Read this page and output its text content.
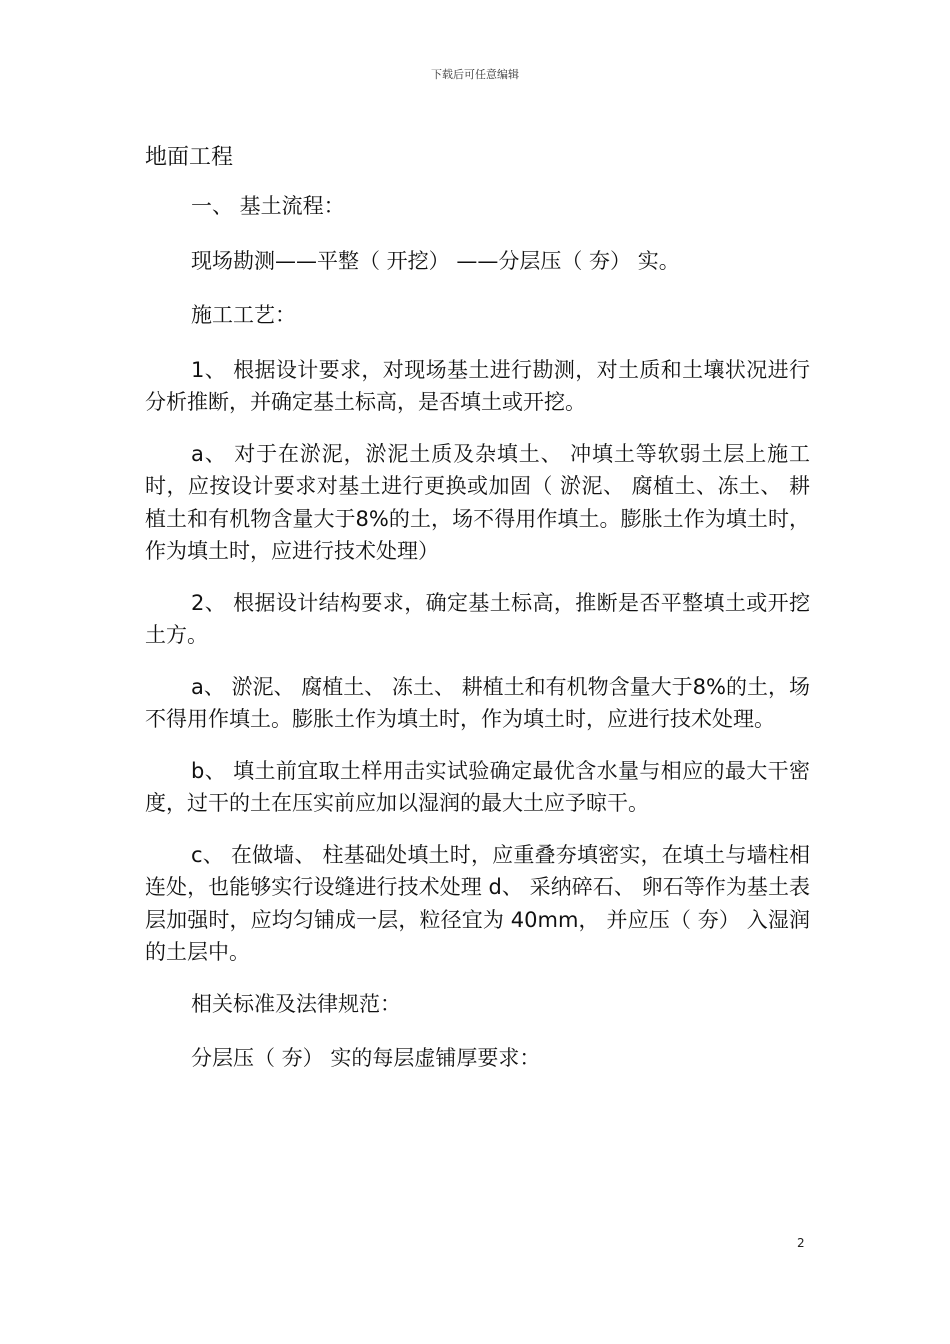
下载后可任意编辑
地面工程

一、 基土流程：

现场勘测——平整（ 开挖） ——分层压（ 夯） 实。

施工工艺：

1、 根据设计要求，对现场基土进行勘测，对土质和土壤状况进行分析推断，并确定基土标高，是否填土或开挖。

a、 对于在淤泥，淤泥土质及杂填土、 冲填土等软弱土层上施工时，应按设计要求对基土进行更换或加固（ 淤泥、 腐植土、冻土、 耕植土和有机物含量大于8%的土，场不得用作填土。膨胀土作为填土时，作为填土时，应进行技术处理）

2、 根据设计结构要求，确定基土标高，推断是否平整填土或开挖土方。

a、 淤泥、 腐植土、 冻土、 耕植土和有机物含量大于8%的土，场不得用作填土。膨胀土作为填土时，作为填土时，应进行技术处理。

b、 填土前宜取土样用击实试验确定最优含水量与相应的最大干密度，过干的土在压实前应加以湿润的最大土应予晾干。

c、 在做墙、 柱基础处填土时，应重叠夯填密实，在填土与墙柱相连处，也能够实行设缝进行技术处理 d、 采纳碎石、 卵石等作为基土表层加强时，应均匀铺成一层，粒径宜为 40mm， 并应压（ 夯） 入湿润的土层中。

相关标准及法律规范：

分层压（ 夯） 实的每层虚铺厚要求：

2
